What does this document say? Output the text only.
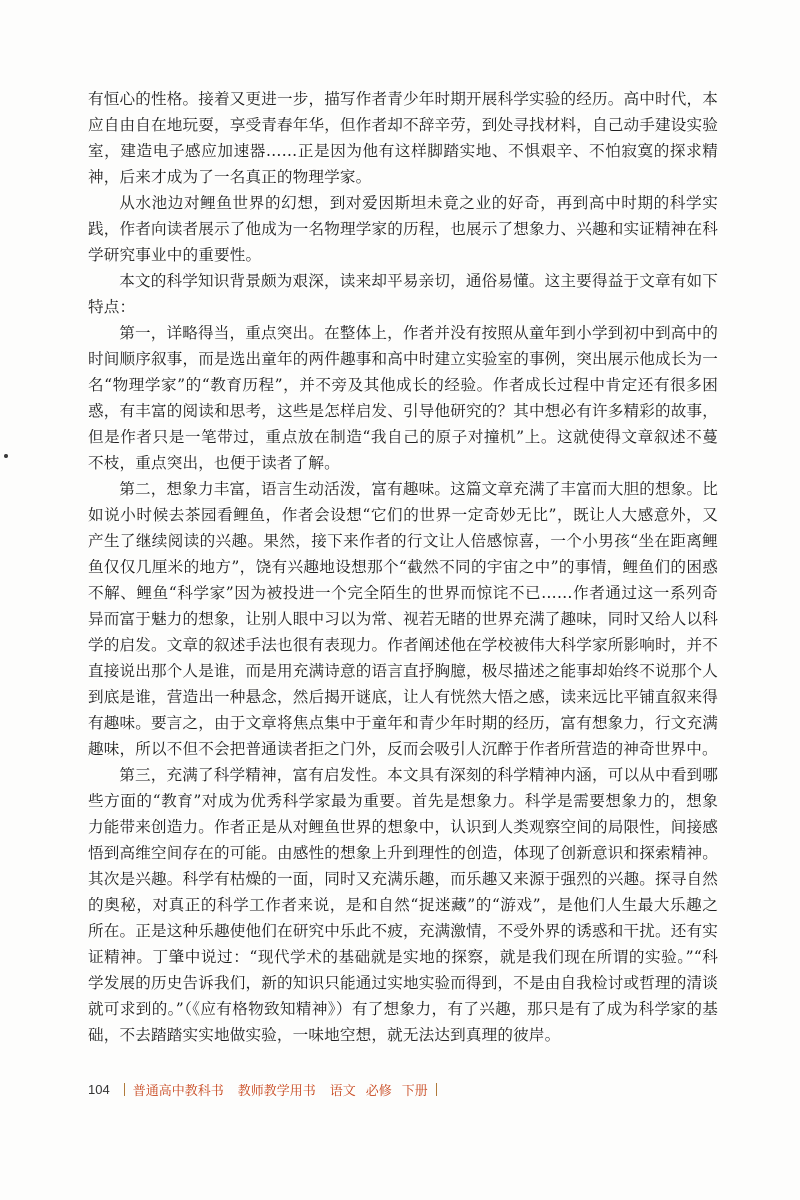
有恒心的性格。接着又更进一步，描写作者青少年时期开展科学实验的经历。高中时代，本应自由自在地玩耍，享受青春年华，但作者却不辞辛劳，到处寻找材料，自己动手建设实验室，建造电子感应加速器……正是因为他有这样脚踏实地、不惧艰辛、不怕寂寞的探求精神，后来才成为了一名真正的物理学家。

从水池边对鲤鱼世界的幻想，到对爱因斯坦未竟之业的好奇，再到高中时期的科学实践，作者向读者展示了他成为一名物理学家的历程，也展示了想象力、兴趣和实证精神在科学研究事业中的重要性。

本文的科学知识背景颇为艰深，读来却平易亲切，通俗易懂。这主要得益于文章有如下特点：

第一，详略得当，重点突出。在整体上，作者并没有按照从童年到小学到初中到高中的时间顺序叙事，而是选出童年的两件趣事和高中时建立实验室的事例，突出展示他成长为一名“物理学家”的“教育历程”，并不旁及其他成长的经验。作者成长过程中肯定还有很多困惑，有丰富的阅读和思考，这些是怎样启发、引导他研究的？其中想必有许多精彩的故事，但是作者只是一笔带过，重点放在制造“我自己的原子对撞机”上。这就使得文章叙述不蔓不枝，重点突出，也便于读者了解。

第二，想象力丰富，语言生动活泼，富有趣味。这篇文章充满了丰富而大胆的想象。比如说小时候去茶园看鲤鱼，作者会设想“它们的世界一定奇妙无比”，既让人大感意外，又产生了继续阅读的兴趣。果然，接下来作者的行文让人倍感惊喜，一个小男孩“坐在距离鲤鱼仅仅几厘米的地方”，饶有兴趣地设想那个“截然不同的宇宙之中”的事情，鲤鱼们的困惑不解、鲤鱼“科学家”因为被投进一个完全陌生的世界而惊诧不已……作者通过这一系列奇异而富于魅力的想象，让别人眼中习以为常、视若无睹的世界充满了趣味，同时又给人以科学的启发。文章的叙述手法也很有表现力。作者阐述他在学校被伟大科学家所影响时，并不直接说出那个人是谁，而是用充满诗意的语言直抒胸臆，极尽描述之能事却始终不说那个人到底是谁，营造出一种悬念，然后揭开谜底，让人有恍然大悟之感，读来远比平铺直叙来得有趣味。要言之，由于文章将焦点集中于童年和青少年时期的经历，富有想象力，行文充满趣味，所以不但不会把普通读者拒之门外，反而会吸引人沉醉于作者所营造的神奇世界中。

第三，充满了科学精神，富有启发性。本文具有深刻的科学精神内涵，可以从中看到哪些方面的“教育”对成为优秀科学家最为重要。首先是想象力。科学是需要想象力的，想象力能带来创造力。作者正是从对鲤鱼世界的想象中，认识到人类观察空间的局限性，间接感悟到高维空间存在的可能。由感性的想象上升到理性的创造，体现了创新意识和探索精神。其次是兴趣。科学有枯燥的一面，同时又充满乐趣，而乐趣又来源于强烈的兴趣。探寻自然的奥秘，对真正的科学工作者来说，是和自然“捉迷藏”的“游戏”，是他们人生最大乐趣之所在。正是这种乐趣使他们在研究中乐此不疲，充满激情，不受外界的诱惑和干扰。还有实证精神。丁肇中说过：“现代学术的基础就是实地的探察，就是我们现在所谓的实验。”“科学发展的历史告诉我们，新的知识只能通过实地实验而得到，不是由自我检讨或哲理的清谈就可求到的。”（《应有格物致知精神》）有了想象力，有了兴趣，那只是有了成为科学家的基础，不去踏踏实实地做实验，一味地空想，就无法达到真理的彼岸。

104 普通高中教科书 教师教学用书 语文 必修 下册
